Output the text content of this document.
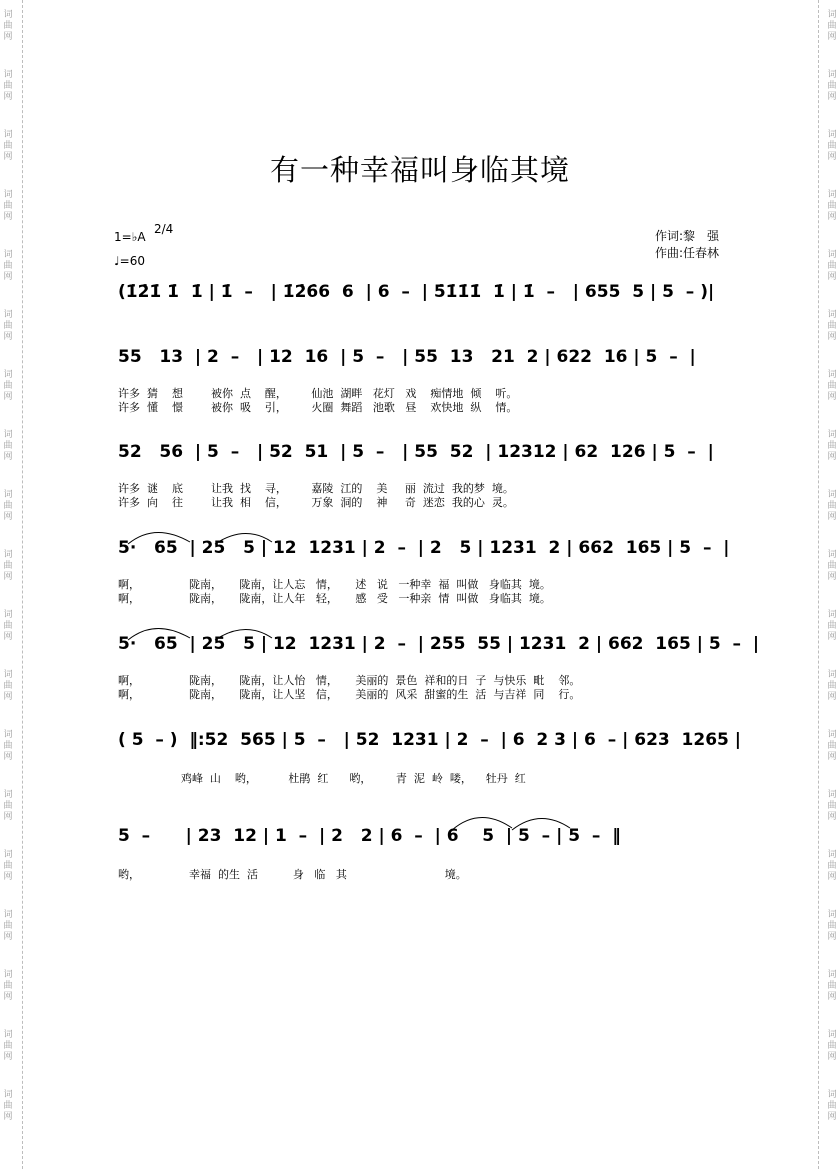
词
曲
网
词
曲
网
词
曲
网
词
曲
网
词
曲
网
词
曲
网
词
曲
网
词
曲
网
词
曲
网
词
曲
网
词
曲
网
词
曲
网
词
曲
网
词
曲
网
词
曲
网
词
曲
网
词
曲
网
词
曲
网
词
曲
网
词
曲
网
词
曲
网
词
曲
网
词
曲
网
词
曲
网
词
曲
网
词
曲
网
词
曲
网
词
曲
网
词
曲
网
词
曲
网
词
曲
网
词
曲
网
词
曲
网
词
曲
网
词
曲
网
词
曲
网
词
曲
网
词
曲
网
有一种幸福叫身临其境
1=♭A
2/4
♩=60
作词:黎　强
作曲:任春林
(1̇2̇1̇ 1̇  1̇ | 1̇  –   | 1̇2̇6̇6  6  | 6  –  | 5̇1̇1̇1̇  1̇ | 1̇  –   | 655  5 | 5  – )|
55   13  | 2  –   | 12  16  | 5  –   | 55  13   21  2 | 622  16 | 5  –  |
许多  猜    想        被你  点    醒，       仙池  湖畔   花灯   戏    痴情地  倾    听。
许多  懂    憬        被你  吸    引，       火圈  舞蹈   池歌   昼    欢快地  纵    情。
52   56  | 5  –   | 52  51  | 5  –   | 55  52  | 12312 | 62  126 | 5  –  |
许多  谜    底        让我  找    寻，       嘉陵  江的    美     丽  流过  我的梦  境。
许多  向    往        让我  相    信，       万象  洞的    神     奇  迷恋  我的心  灵。
5·   65  | 25   5 | 12  1231 | 2  –  | 2   5 | 1231  2 | 662  165 | 5  –  |
啊，              陇南，     陇南，让人忘   情，     述   说   一种幸  福  叫做   身临其  境。
啊，              陇南，     陇南，让人年   轻，     感   受   一种亲  情  叫做   身临其  境。
5·   65  | 25   5 | 12  1231 | 2  –  | 255  55 | 1231  2 | 662  165 | 5  –  |
啊，              陇南，     陇南，让人怡   情，     美丽的  景色  祥和的日  子  与快乐  毗    邻。
啊，              陇南，     陇南，让人坚   信，     美丽的  风采  甜蜜的生  活  与吉祥  同    行。
( 5  – )  ‖:52  565 | 5  –   | 52  1231 | 2  –  | 6  2 3 | 6  – | 623  1265 |
鸡峰  山    哟，         杜鹃  红      哟，       青  泥  岭  喽，    牡丹  红
5  –      | 23  12 | 1  –  | 2   2 | 6  –  | 6    5  | 5  – | 5  –  ‖
哟，              幸福  的生  活          身   临   其                            境。
